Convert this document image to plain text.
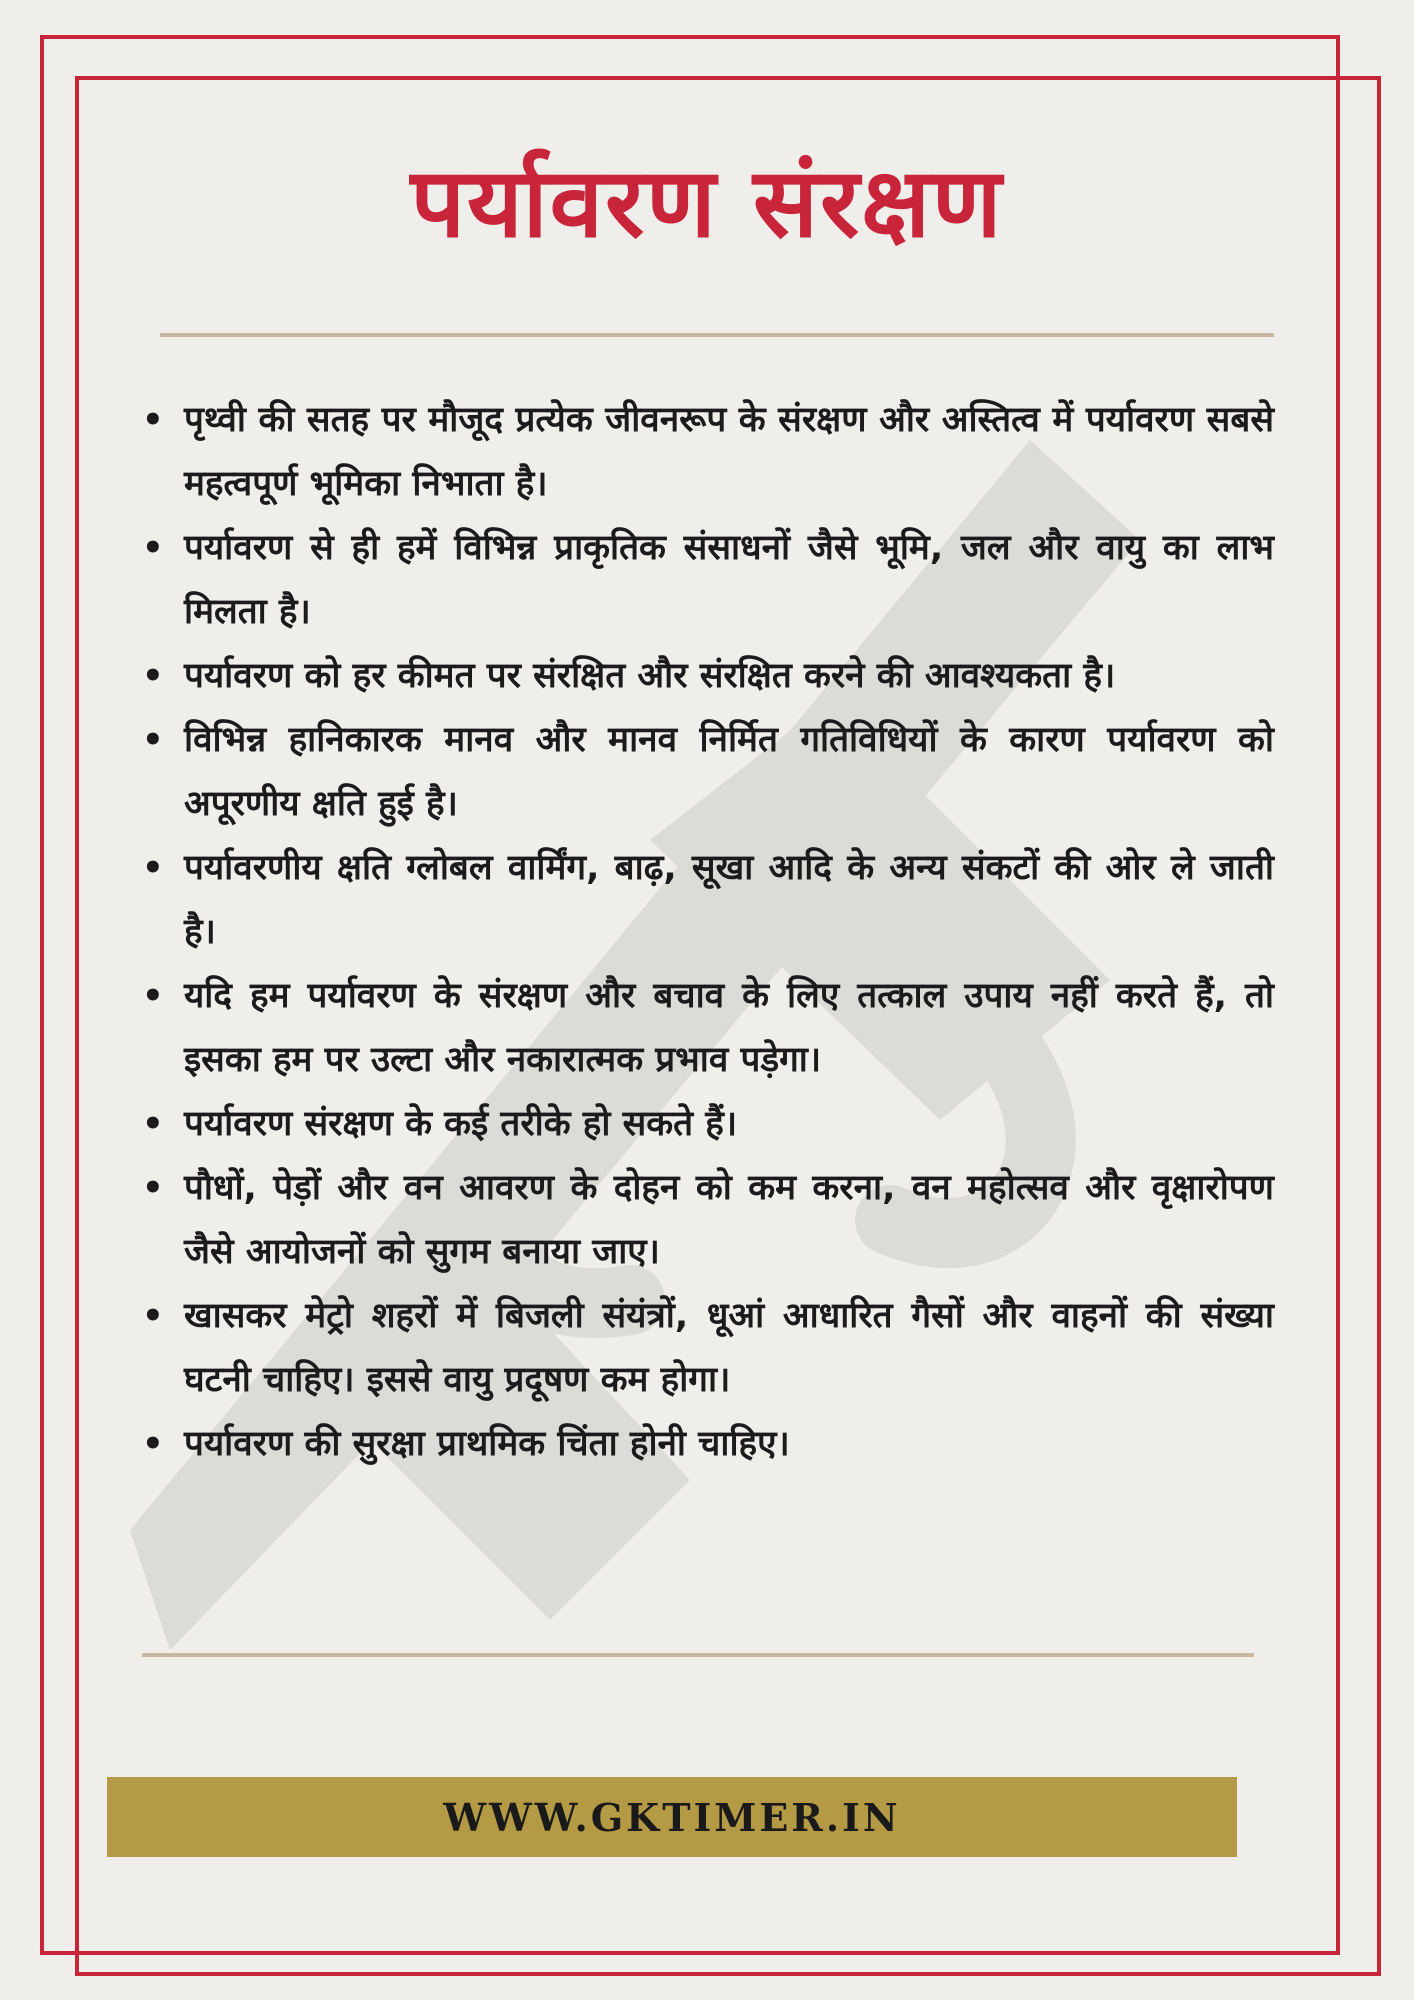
पर्यावरण संरक्षण
• पृथ्वी की सतह पर मौजूद प्रत्येक जीवनरूप के संरक्षण और अस्तित्व में पर्यावरण सबसे महत्वपूर्ण भूमिका निभाता है।
• पर्यावरण से ही हमें विभिन्न प्राकृतिक संसाधनों जैसे भूमि, जल और वायु का लाभ मिलता है।
• पर्यावरण को हर कीमत पर संरक्षित और संरक्षित करने की आवश्यकता है।
• विभिन्न हानिकारक मानव और मानव निर्मित गतिविधियों के कारण पर्यावरण को अपूरणीय क्षति हुई है।
• पर्यावरणीय क्षति ग्लोबल वार्मिंग, बाढ़, सूखा आदि के अन्य संकटों की ओर ले जाती है।
• यदि हम पर्यावरण के संरक्षण और बचाव के लिए तत्काल उपाय नहीं करते हैं, तो इसका हम पर उल्टा और नकारात्मक प्रभाव पड़ेगा।
• पर्यावरण संरक्षण के कई तरीके हो सकते हैं।
• पौधों, पेड़ों और वन आवरण के दोहन को कम करना, वन महोत्सव और वृक्षारोपण जैसे आयोजनों को सुगम बनाया जाए।
• खासकर मेट्रो शहरों में बिजली संयंत्रों, धूआं आधारित गैसों और वाहनों की संख्या घटनी चाहिए। इससे वायु प्रदूषण कम होगा।
• पर्यावरण की सुरक्षा प्राथमिक चिंता होनी चाहिए।
WWW.GKTIMER.IN
